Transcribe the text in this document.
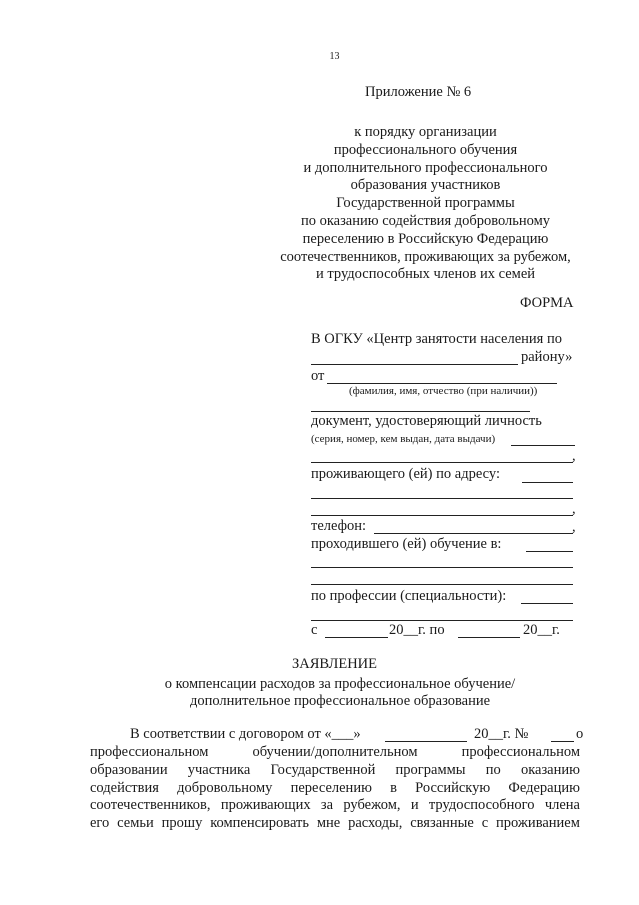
13
Приложение № 6
к порядку организации
профессионального обучения
и дополнительного профессионального
образования участников
Государственной программы
по оказанию содействия добровольному
переселению в Российскую Федерацию
соотечественников, проживающих за рубежом,
и трудоспособных членов их семей
ФОРМА
В ОГКУ «Центр занятости населения по
району»
от
(фамилия, имя, отчество (при наличии))
документ, удостоверяющий личность
(серия, номер, кем выдан, дата выдачи)
,
проживающего (ей) по адресу:
,
телефон:	,
проходившего (ей) обучение в:
по профессии (специальности):
с	20__г. по	20__г.
ЗАЯВЛЕНИЕ
о компенсации расходов за профессиональное обучение/
дополнительное профессиональное образование
В соответствии с договором от «___»	20__г. №	о
профессиональном	обучении/дополнительном	профессиональном
образовании участника Государственной программы по оказанию
содействия добровольному переселению в Российскую Федерацию
соотечественников, проживающих за рубежом, и трудоспособного члена
его семьи прошу компенсировать мне расходы, связанные с проживанием
